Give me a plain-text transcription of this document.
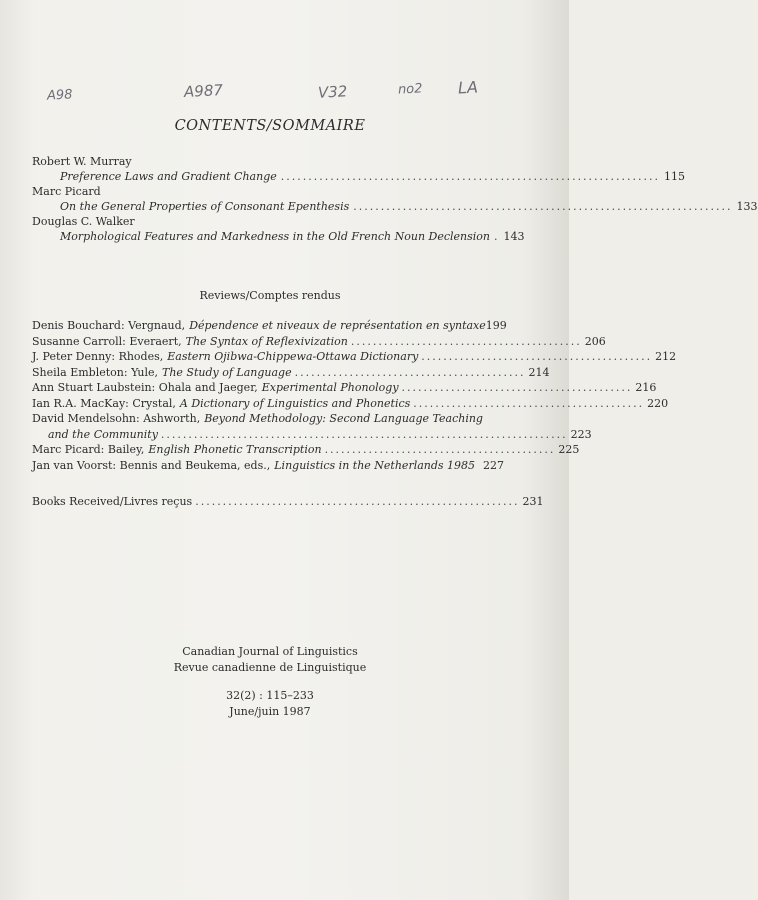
A98	A987	V32	no2 LA
CONTENTS/SOMMAIRE
Robert W. Murray
Preference Laws and Gradient Change ..................................................................... 115
Marc Picard
On the General Properties of Consonant Epenthesis ..................................................................... 133
Douglas C. Walker
Morphological Features and Markedness in the Old French Noun Declension . 143
Reviews/Comptes rendus
Denis Bouchard: Vergnaud, Dépendence et niveaux de représentation en syntaxe 199
Susanne Carroll: Everaert, The Syntax of Reflexivization .......................................... 206
J. Peter Denny: Rhodes, Eastern Ojibwa-Chippewa-Ottawa Dictionary .......................................... 212
Sheila Embleton: Yule, The Study of Language .......................................... 214
Ann Stuart Laubstein: Ohala and Jaeger, Experimental Phonology .......................................... 216
Ian R.A. MacKay: Crystal, A Dictionary of Linguistics and Phonetics .......................................... 220
David Mendelsohn: Ashworth, Beyond Methodology: Second Language Teaching
and the Community .......................................................................... 223
Marc Picard: Bailey, English Phonetic Transcription .......................................... 225
Jan van Voorst: Bennis and Beukema, eds., Linguistics in the Netherlands 1985 227
Books Received/Livres reçus ........................................................... 231
Canadian Journal of Linguistics
Revue canadienne de Linguistique
32(2) : 115–233
June/juin 1987
